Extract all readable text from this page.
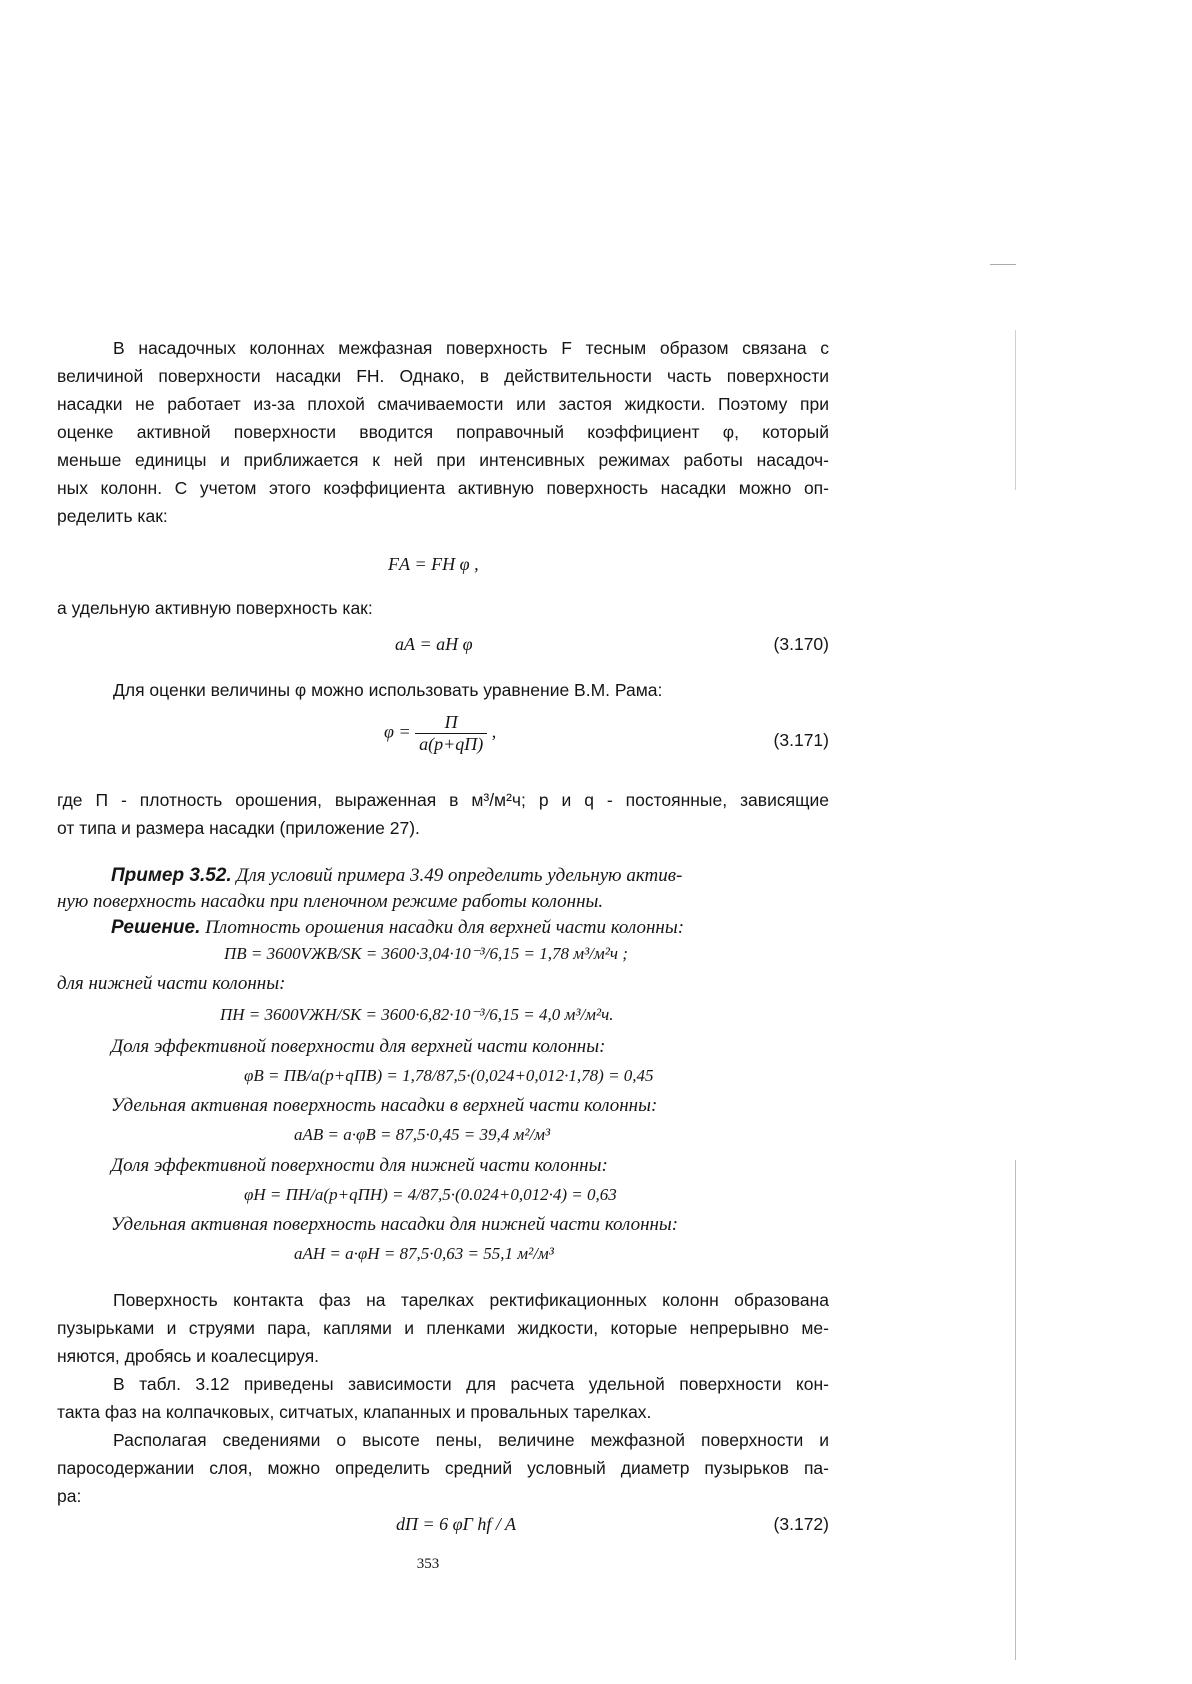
В насадочных колоннах межфазная поверхность F тесным образом связана с
величиной поверхности насадки FН. Однако, в действительности часть поверхности
насадки не работает из-за плохой смачиваемости или застоя жидкости. Поэтому при
оценке активной поверхности вводится поправочный коэффициент φ, который
меньше единицы и приближается к ней при интенсивных режимах работы насадоч-
ных колонн. С учетом этого коэффициента активную поверхность насадки можно оп-
ределить как:
FА = FН φ ,
а удельную активную поверхность как:
аА = аН φ	(3.170)
Для оценки величины φ можно использовать уравнение В.М. Рама:
$\varphi = \frac{П}{a(p+qП)}$ ,	(3.171)
где П - плотность орошения, выраженная в м³/м²ч; p и q - постоянные, зависящие
от типа и размера насадки (приложение 27).
Пример 3.52. Для условий примера 3.49 определить удельную актив-
ную поверхность насадки при пленочном режиме работы колонны.
Решение. Плотность орошения насадки для верхней части колонны:
ПВ = 3600VЖВ/SК = 3600·3,04·10⁻³/6,15 = 1,78 м³/м²ч ;
для нижней части колонны:
ПН = 3600VЖН/SК = 3600·6,82·10⁻³/6,15 = 4,0 м³/м²ч.
Доля эффективной поверхности для верхней части колонны:
φВ = ПВ/a(p+qПВ) = 1,78/87,5·(0,024+0,012·1,78) = 0,45
Удельная активная поверхность насадки в верхней части колонны:
aАВ = a·φВ = 87,5·0,45 = 39,4 м²/м³
Доля эффективной поверхности для нижней части колонны:
φН = ПН/a(p+qПН) = 4/87,5·(0.024+0,012·4) = 0,63
Удельная активная поверхность насадки для нижней части колонны:
aАН = a·φН = 87,5·0,63 = 55,1 м²/м³
Поверхность контакта фаз на тарелках ректификационных колонн образована
пузырьками и струями пара, каплями и пленками жидкости, которые непрерывно ме-
няются, дробясь и коалесцируя.
В табл. 3.12 приведены зависимости для расчета удельной поверхности кон-
такта фаз на колпачковых, ситчатых, клапанных и провальных тарелках.
Располагая сведениями о высоте пены, величине межфазной поверхности и
паросодержании слоя, можно определить средний условный диаметр пузырьков па-
ра:
dП = 6 φГ hf / A	(3.172)
353
